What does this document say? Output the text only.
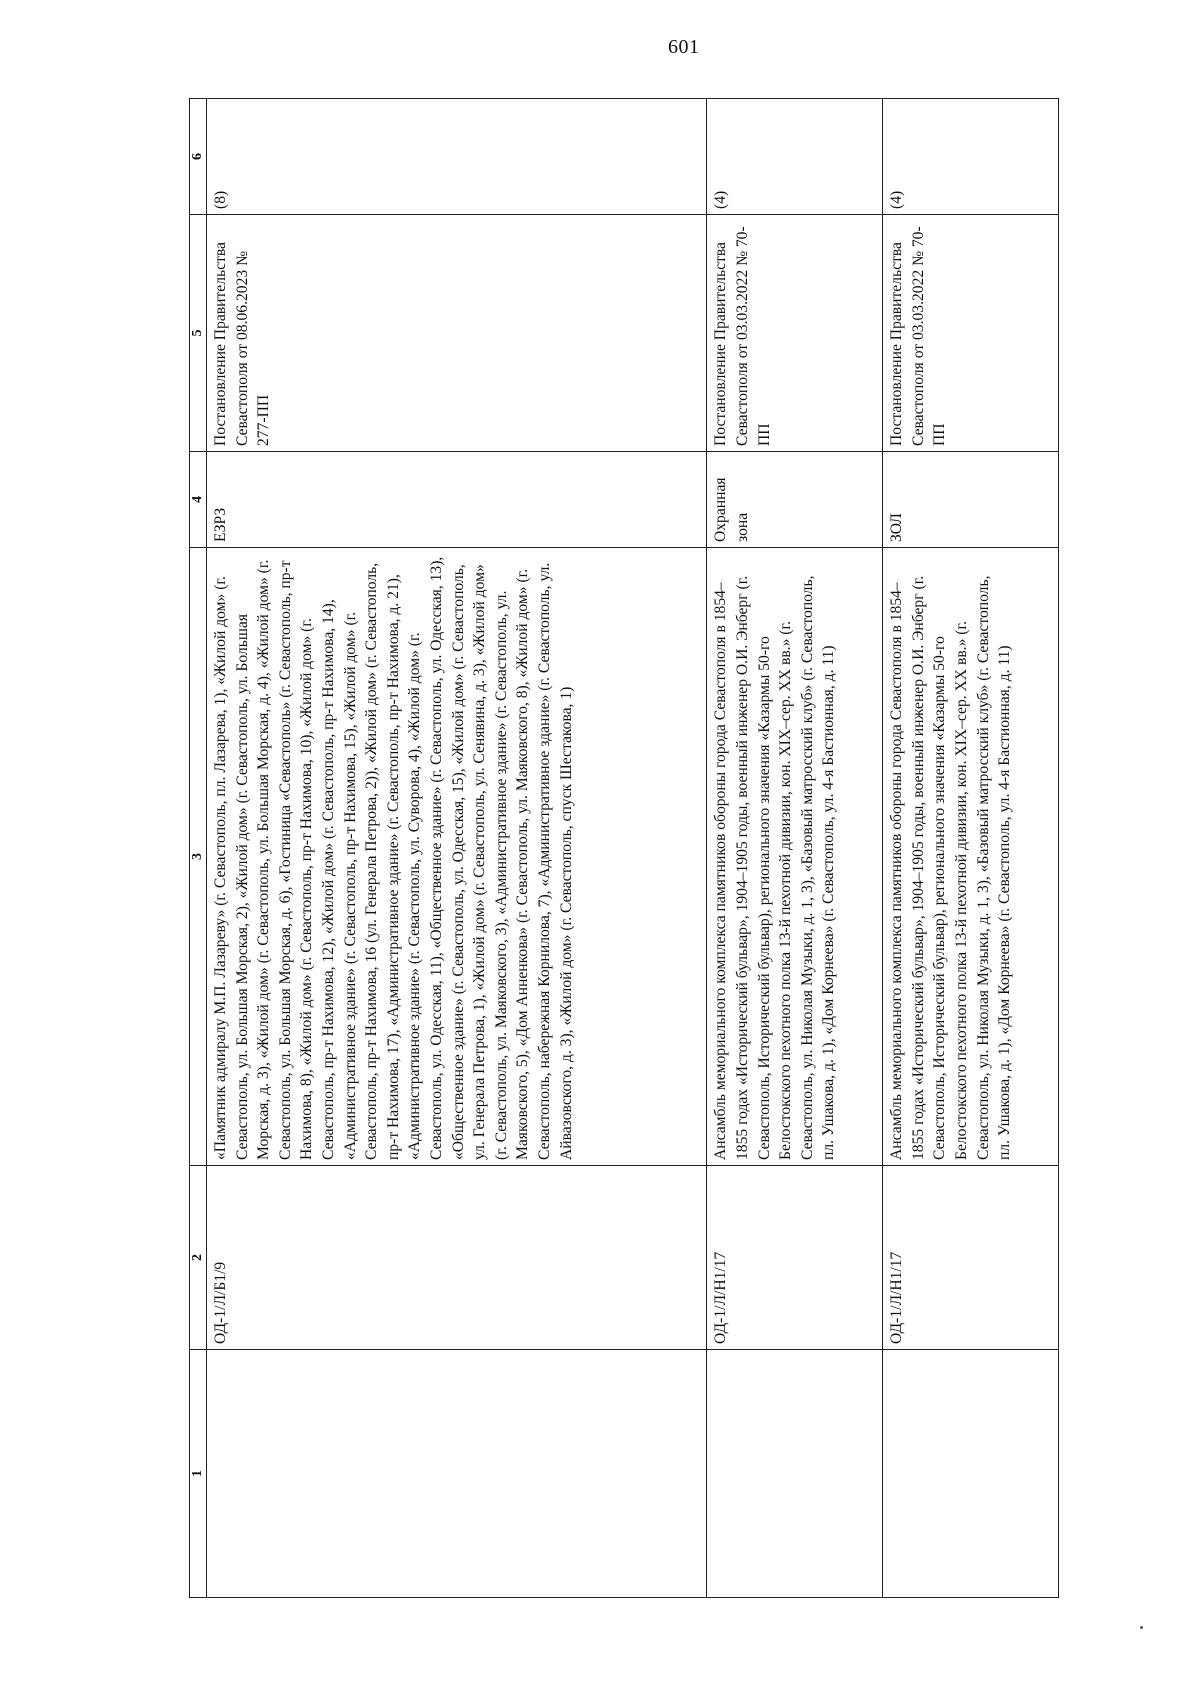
601
1	2	3	4	5	6
	ОД-1/Л/Б1/9	«Памятник адмиралу М.П. Лазареву» (г. Севастополь, пл. Лазарева, 1), «Жилой дом» (г. Севастополь, ул. Большая Морская, 2), «Жилой дом» (г. Севастополь, ул. Большая Морская, д. 3), «Жилой дом» (г. Севастополь, ул. Большая Морская, д. 4), «Жилой дом» (г. Севастополь, ул. Большая Морская, д. 6), «Гостиница «Севастополь» (г. Севастополь, пр-т Нахимова, 8), «Жилой дом» (г. Севастополь, пр-т Нахимова, 10), «Жилой дом» (г. Севастополь, пр-т Нахимова, 12), «Жилой дом» (г. Севастополь, пр-т Нахимова, 14), «Административное здание» (г. Севастополь, пр-т Нахимова, 15), «Жилой дом» (г. Севастополь, пр-т Нахимова, 16 (ул. Генерала Петрова, 2)), «Жилой дом» (г. Севастополь, пр-т Нахимова, 17), «Административное здание» (г. Севастополь, пр-т Нахимова, д. 21), «Административное здание» (г. Севастополь, ул. Суворова, 4), «Жилой дом» (г. Севастополь, ул. Одесская, 11), «Общественное здание» (г. Севастополь, ул. Одесская, 13), «Общественное здание» (г. Севастополь, ул. Одесская, 15), «Жилой дом» (г. Севастополь, ул. Генерала Петрова, 1), «Жилой дом» (г. Севастополь, ул. Сенявина, д. 3), «Жилой дом» (г. Севастополь, ул. Маяковского, 3), «Административное здание» (г. Севастополь, ул. Маяковского, 5), «Дом Анненкова» (г. Севастополь, ул. Маяковского, 8), «Жилой дом» (г. Севастополь, набережная Корнилова, 7), «Административное здание» (г. Севастополь, ул. Айвазовского, д. 3), «Жилой дом» (г. Севастополь, спуск Шестакова, 1)	ЕЗРЗ	Постановление Правительства Севастополя от 08.06.2023 № 277-ПП	(8)
	ОД-1/Л/Н1/17	Ансамбль мемориального комплекса памятников обороны города Севастополя в 1854–1855 годах «Исторический бульвар», 1904–1905 годы, военный инженер О.И. Энберг (г. Севастополь, Исторический бульвар), регионального значения «Казармы 50-го Белостокского пехотного полка 13-й пехотной дивизии, кон. XIX–сер. XX вв.» (г. Севастополь, ул. Николая Музыки, д. 1, 3), «Базовый матросский клуб» (г. Севастополь, пл. Ушакова, д. 1), «Дом Корнеева» (г. Севастополь, ул. 4-я Бастионная, д. 11)	Охранная зона	Постановление Правительства Севастополя от 03.03.2022 № 70-ПП	(4)
	ОД-1/Л/Н1/17	Ансамбль мемориального комплекса памятников обороны города Севастополя в 1854–1855 годах «Исторический бульвар», 1904–1905 годы, военный инженер О.И. Энберг (г. Севастополь, Исторический бульвар), регионального значения «Казармы 50-го Белостокского пехотного полка 13-й пехотной дивизии, кон. XIX–сер. XX вв.» (г. Севастополь, ул. Николая Музыки, д. 1, 3), «Базовый матросский клуб» (г. Севастополь, пл. Ушакова, д. 1), «Дом Корнеева» (г. Севастополь, ул. 4-я Бастионная, д. 11)	ЗОЛ	Постановление Правительства Севастополя от 03.03.2022 № 70-ПП	(4)
